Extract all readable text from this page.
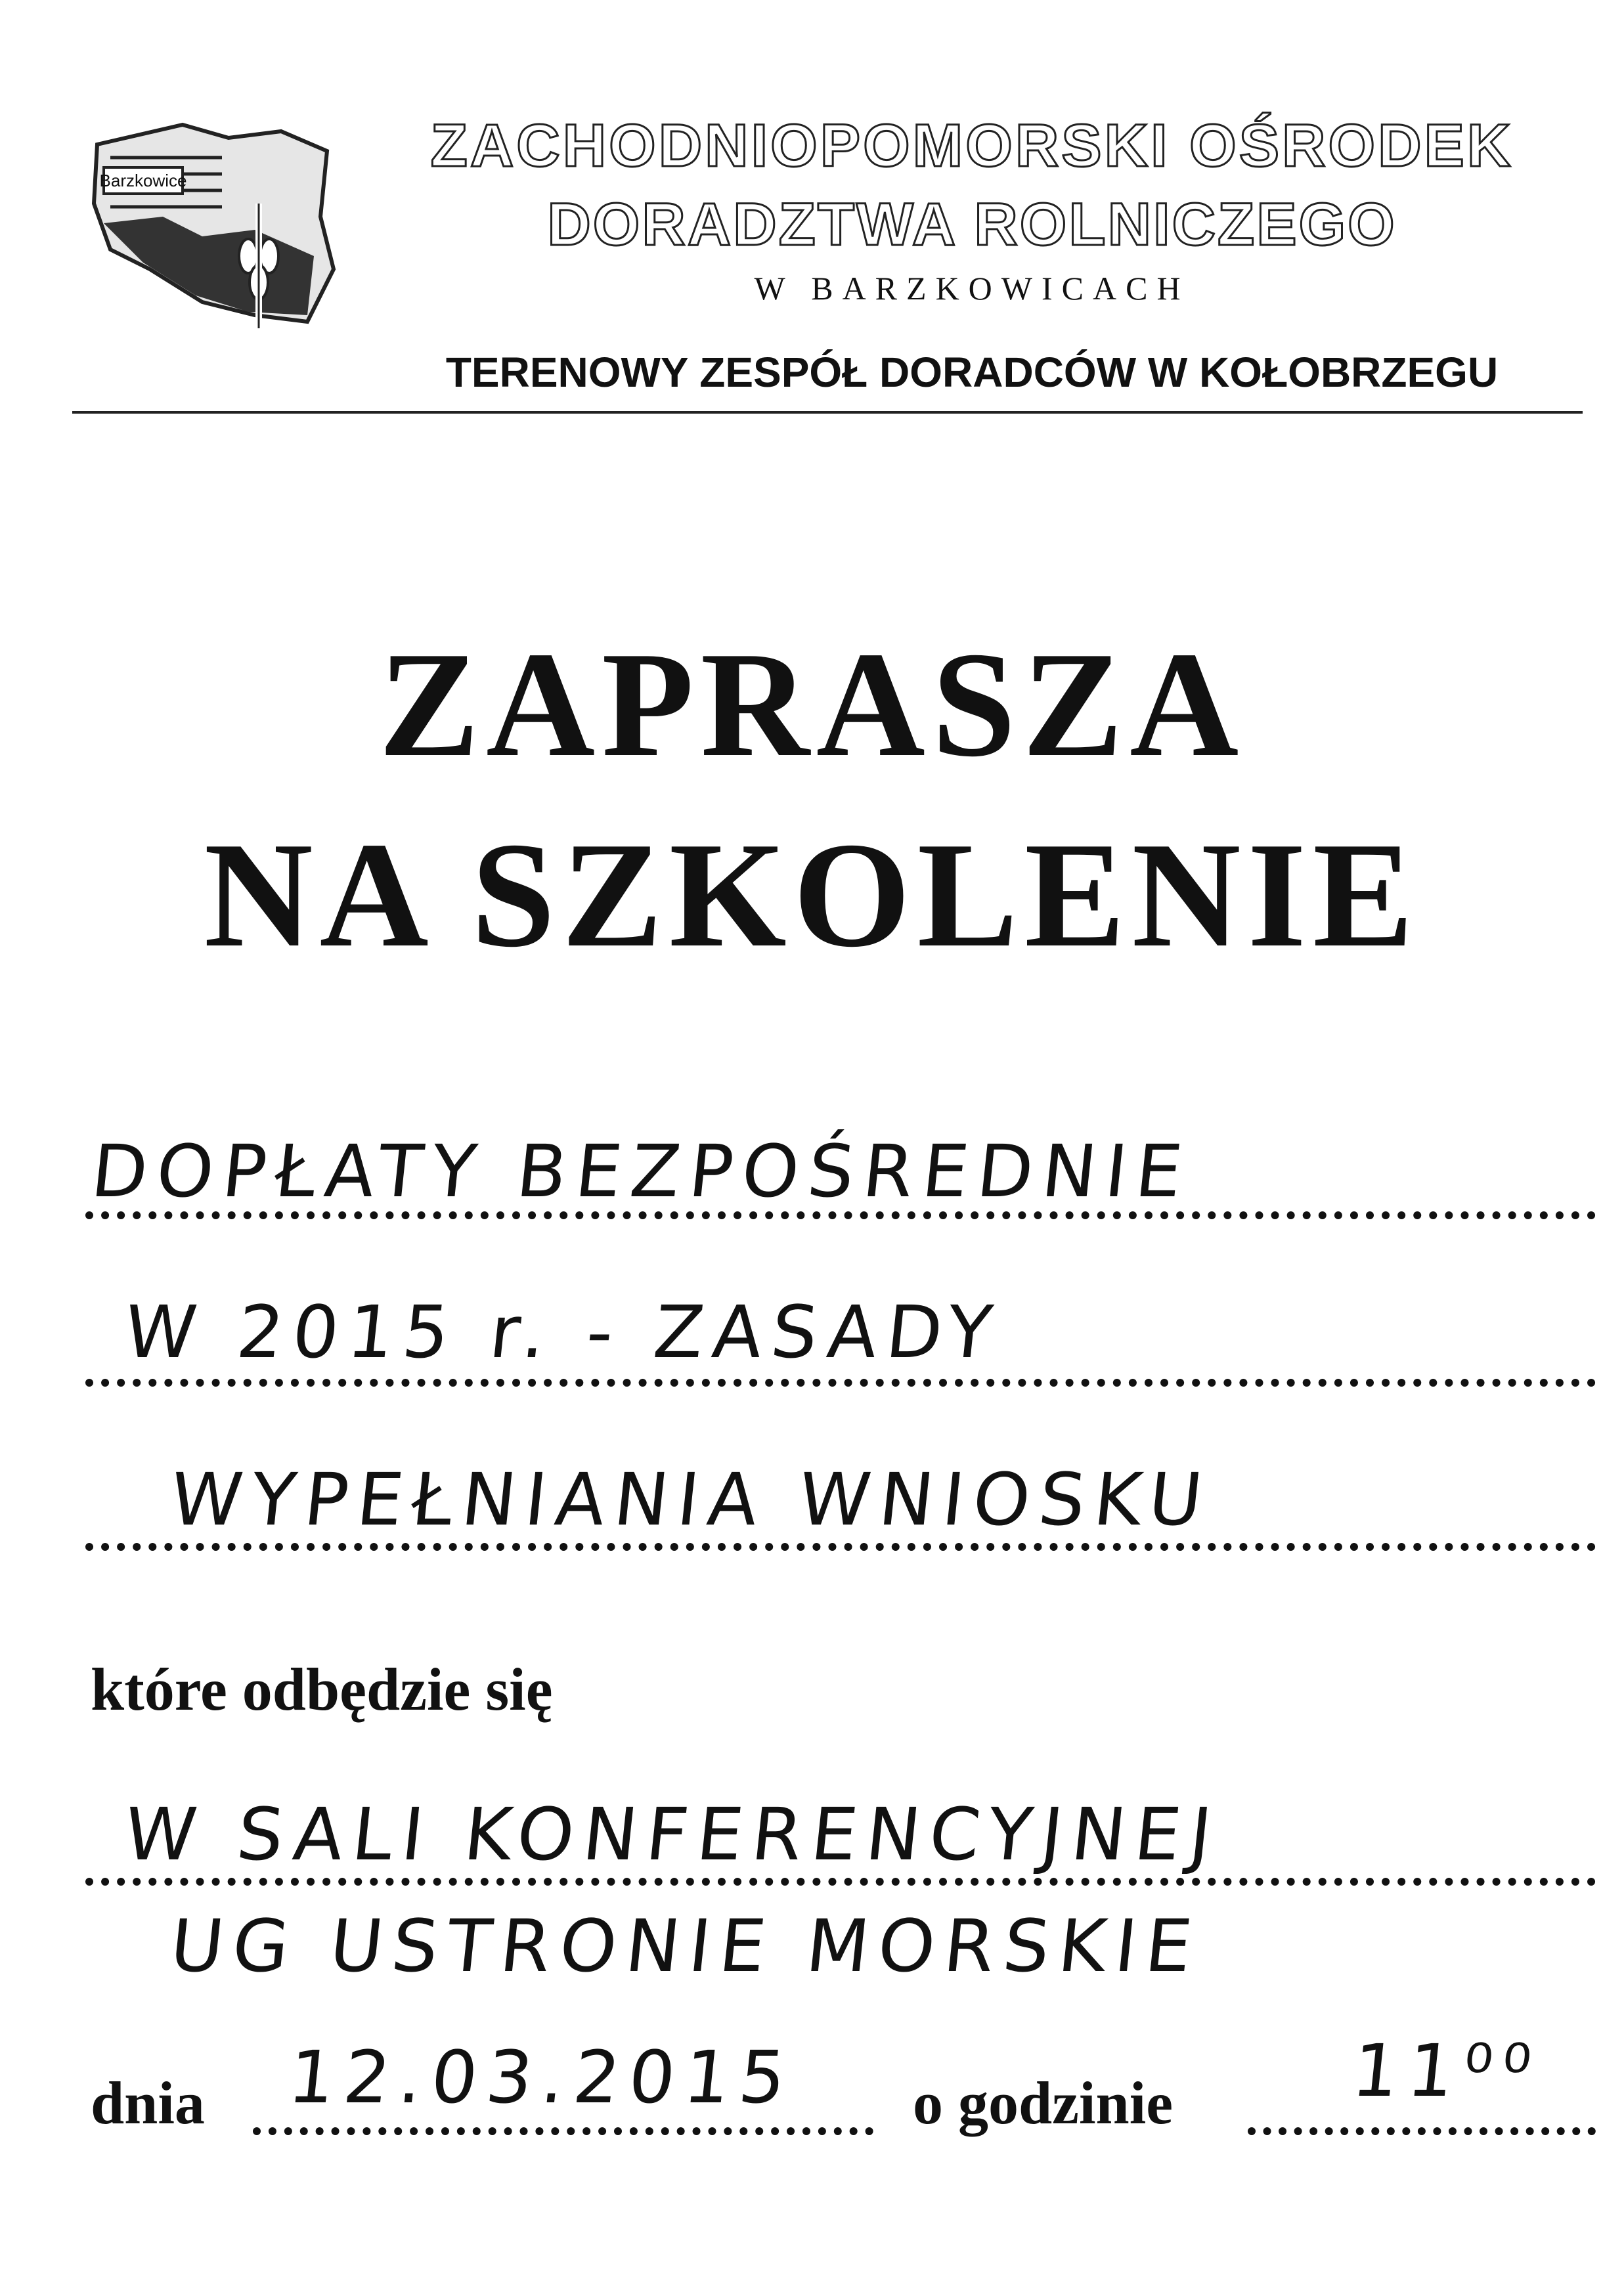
Barzkowice
ZACHODNIOPOMORSKI OŚRODEK
DORADZTWA ROLNICZEGO
W BARZKOWICACH
TERENOWY ZESPÓŁ DORADCÓW W KOŁOBRZEGU
ZAPRASZA
NA SZKOLENIE
DOPŁATY BEZPOŚREDNIE
W 2015 r. - ZASADY
WYPEŁNIANIA WNIOSKU
które odbędzie się
W SALI KONFERENCYJNEJ
UG USTRONIE MORSKIE
dnia 12.03.2015 o godzinie 11⁰⁰
